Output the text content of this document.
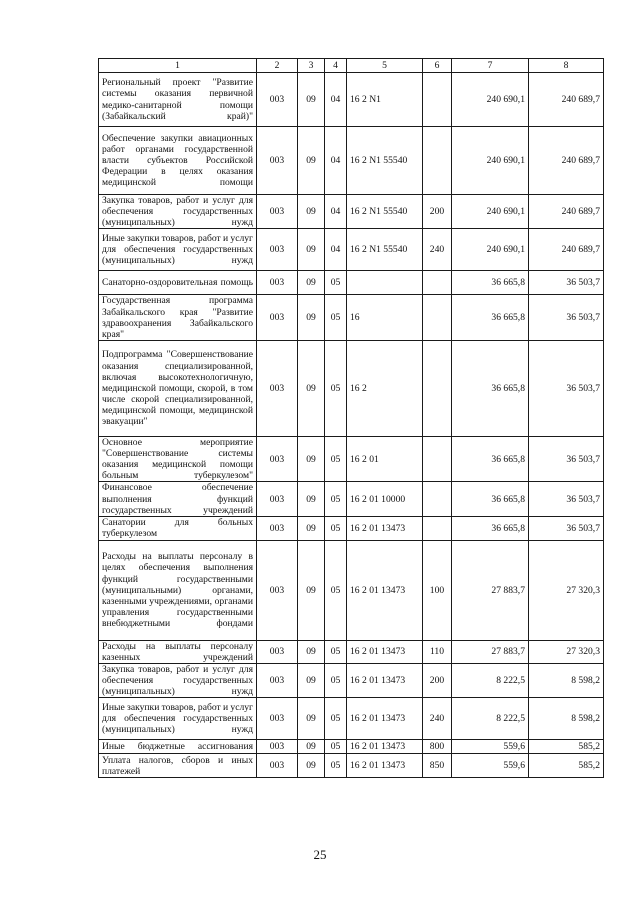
1	2	3	4	5	6	7	8
Региональный проект "Развитие системы оказания первичной медико-санитарной помощи (Забайкальский край)"	003	09	04	16 2 N1		240 690,1	240 689,7
Обеспечение закупки авиационных работ органами государственной власти субъектов Российской Федерации в целях оказания медицинской помощи	003	09	04	16 2 N1 55540		240 690,1	240 689,7
Закупка товаров, работ и услуг для обеспечения государственных (муниципальных) нужд	003	09	04	16 2 N1 55540	200	240 690,1	240 689,7
Иные закупки товаров, работ и услуг для обеспечения государственных (муниципальных) нужд	003	09	04	16 2 N1 55540	240	240 690,1	240 689,7
Санаторно-оздоровительная помощь	003	09	05			36 665,8	36 503,7
Государственная программа Забайкальского края "Развитие здравоохранения Забайкальского края"	003	09	05	16		36 665,8	36 503,7
Подпрограмма "Совершенствование оказания специализированной, включая высокотехнологичную, медицинской помощи, скорой, в том числе скорой специализированной, медицинской помощи, медицинской эвакуации"	003	09	05	16 2		36 665,8	36 503,7
Основное мероприятие "Совершенствование системы оказания медицинской помощи больным туберкулезом"	003	09	05	16 2 01		36 665,8	36 503,7
Финансовое обеспечение выполнения функций государственных учреждений	003	09	05	16 2 01 10000		36 665,8	36 503,7
Санатории для больных туберкулезом	003	09	05	16 2 01 13473		36 665,8	36 503,7
Расходы на выплаты персоналу в целях обеспечения выполнения функций государственными (муниципальными) органами, казенными учреждениями, органами управления государственными внебюджетными фондами	003	09	05	16 2 01 13473	100	27 883,7	27 320,3
Расходы на выплаты персоналу казенных учреждений	003	09	05	16 2 01 13473	110	27 883,7	27 320,3
Закупка товаров, работ и услуг для обеспечения государственных (муниципальных) нужд	003	09	05	16 2 01 13473	200	8 222,5	8 598,2
Иные закупки товаров, работ и услуг для обеспечения государственных (муниципальных) нужд	003	09	05	16 2 01 13473	240	8 222,5	8 598,2
Иные бюджетные ассигнования	003	09	05	16 2 01 13473	800	559,6	585,2
Уплата налогов, сборов и иных платежей	003	09	05	16 2 01 13473	850	559,6	585,2
25
